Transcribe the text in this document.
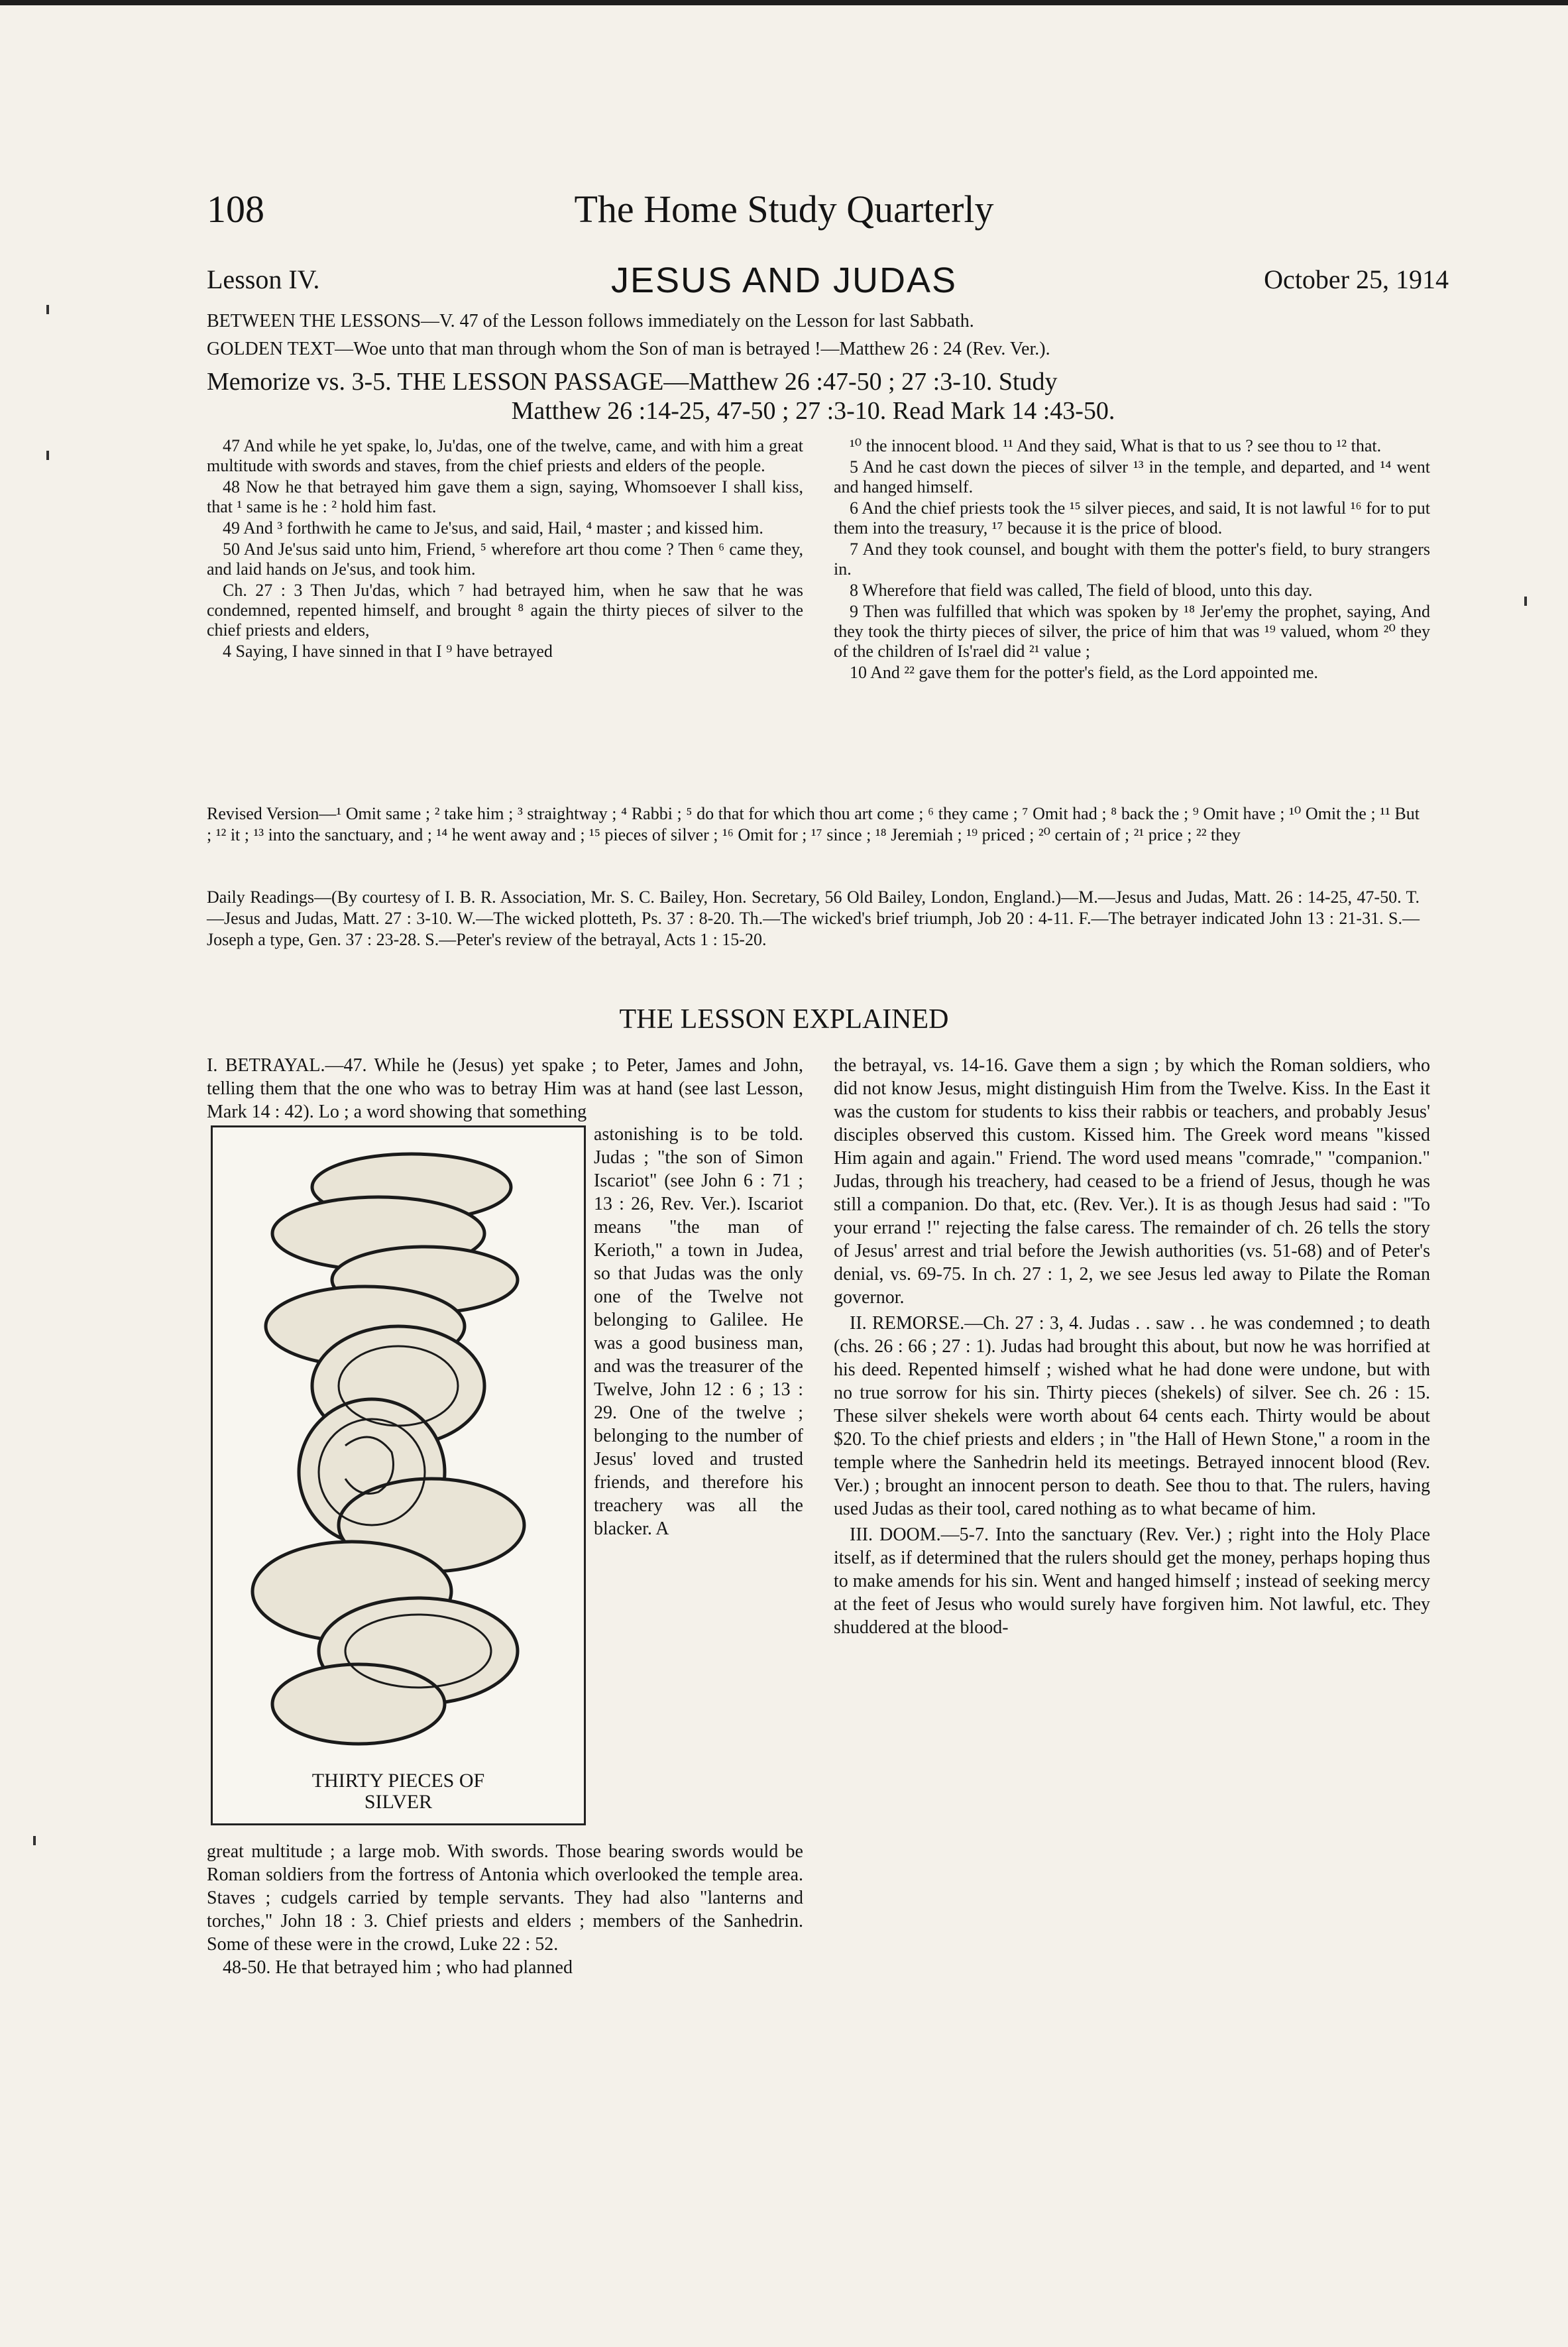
108	The Home Study Quarterly
Lesson IV.	JESUS AND JUDAS	October 25, 1914
BETWEEN THE LESSONS—V. 47 of the Lesson follows immediately on the Lesson for last Sabbath.
GOLDEN TEXT—Woe unto that man through whom the Son of man is betrayed !—Matthew 26 : 24 (Rev. Ver.).
Memorize vs. 3-5. THE LESSON PASSAGE—Matthew 26 :47-50 ; 27 :3-10. Study
Matthew 26 :14-25, 47-50 ; 27 :3-10. Read Mark 14 :43-50.

47 And while he yet spake, lo, Ju'das, one of the twelve, came, and with him a great multitude with swords and staves, from the chief priests and elders of the people.

48 Now he that betrayed him gave them a sign, saying, Whomsoever I shall kiss, that ¹ same is he : ² hold him fast.

49 And ³ forthwith he came to Je'sus, and said, Hail, ⁴ master ; and kissed him.

50 And Je'sus said unto him, Friend, ⁵ wherefore art thou come ? Then ⁶ came they, and laid hands on Je'sus, and took him.

Ch. 27 : 3 Then Ju'das, which ⁷ had betrayed him, when he saw that he was condemned, repented himself, and brought ⁸ again the thirty pieces of silver to the chief priests and elders,

4 Saying, I have sinned in that I ⁹ have betrayed

¹⁰ the innocent blood. ¹¹ And they said, What is that to us ? see thou to ¹² that.

5 And he cast down the pieces of silver ¹³ in the temple, and departed, and ¹⁴ went and hanged himself.

6 And the chief priests took the ¹⁵ silver pieces, and said, It is not lawful ¹⁶ for to put them into the treasury, ¹⁷ because it is the price of blood.

7 And they took counsel, and bought with them the potter's field, to bury strangers in.

8 Wherefore that field was called, The field of blood, unto this day.

9 Then was fulfilled that which was spoken by ¹⁸ Jer'emy the prophet, saying, And they took the thirty pieces of silver, the price of him that was ¹⁹ valued, whom ²⁰ they of the children of Is'rael did ²¹ value ;

10 And ²² gave them for the potter's field, as the Lord appointed me.

Revised Version—¹ Omit same ; ² take him ; ³ straightway ; ⁴ Rabbi ; ⁵ do that for which thou art come ; ⁶ they came ; ⁷ Omit had ; ⁸ back the ; ⁹ Omit have ; ¹⁰ Omit the ; ¹¹ But ; ¹² it ; ¹³ into the sanctuary, and ; ¹⁴ he went away and ; ¹⁵ pieces of silver ; ¹⁶ Omit for ; ¹⁷ since ; ¹⁸ Jeremiah ; ¹⁹ priced ; ²⁰ certain of ; ²¹ price ; ²² they
Daily Readings—(By courtesy of I. B. R. Association, Mr. S. C. Bailey, Hon. Secretary, 56 Old Bailey, London, England.)—M.—Jesus and Judas, Matt. 26 : 14-25, 47-50. T.—Jesus and Judas, Matt. 27 : 3-10. W.—The wicked plotteth, Ps. 37 : 8-20. Th.—The wicked's brief triumph, Job 20 : 4-11. F.—The betrayer indicated John 13 : 21-31. S.—Joseph a type, Gen. 37 : 23-28. S.—Peter's review of the betrayal, Acts 1 : 15-20.
THE LESSON EXPLAINED

I. BETRAYAL.—47. While he (Jesus) yet spake ; to Peter, James and John, telling them that the one who was to betray Him was at hand (see last Lesson, Mark 14 : 42). Lo ; a word showing that something

THIRTY PIECES OF
SILVER

astonishing is to be told. Judas ; "the son of Simon Iscariot" (see John 6 : 71 ; 13 : 26, Rev. Ver.). Iscariot means "the man of Kerioth," a town in Judea, so that Judas was the only one of the Twelve not belonging to Galilee. He was a good business man, and was the treasurer of the Twelve, John 12 : 6 ; 13 : 29. One of the twelve ; belonging to the number of Jesus' loved and trusted friends, and therefore his treachery was all the blacker. A

great multitude ; a large mob. With swords. Those bearing swords would be Roman soldiers from the fortress of Antonia which overlooked the temple area. Staves ; cudgels carried by temple servants. They had also "lanterns and torches," John 18 : 3. Chief priests and elders ; members of the Sanhedrin. Some of these were in the crowd, Luke 22 : 52.

48-50. He that betrayed him ; who had planned

the betrayal, vs. 14-16. Gave them a sign ; by which the Roman soldiers, who did not know Jesus, might distinguish Him from the Twelve. Kiss. In the East it was the custom for students to kiss their rabbis or teachers, and probably Jesus' disciples observed this custom. Kissed him. The Greek word means "kissed Him again and again." Friend. The word used means "comrade," "companion." Judas, through his treachery, had ceased to be a friend of Jesus, though he was still a companion. Do that, etc. (Rev. Ver.). It is as though Jesus had said : "To your errand !" rejecting the false caress. The remainder of ch. 26 tells the story of Jesus' arrest and trial before the Jewish authorities (vs. 51-68) and of Peter's denial, vs. 69-75. In ch. 27 : 1, 2, we see Jesus led away to Pilate the Roman governor.

II. REMORSE.—Ch. 27 : 3, 4. Judas . . saw . . he was condemned ; to death (chs. 26 : 66 ; 27 : 1). Judas had brought this about, but now he was horrified at his deed. Repented himself ; wished what he had done were undone, but with no true sorrow for his sin. Thirty pieces (shekels) of silver. See ch. 26 : 15. These silver shekels were worth about 64 cents each. Thirty would be about $20. To the chief priests and elders ; in "the Hall of Hewn Stone," a room in the temple where the Sanhedrin held its meetings. Betrayed innocent blood (Rev. Ver.) ; brought an innocent person to death. See thou to that. The rulers, having used Judas as their tool, cared nothing as to what became of him.

III. DOOM.—5-7. Into the sanctuary (Rev. Ver.) ; right into the Holy Place itself, as if determined that the rulers should get the money, perhaps hoping thus to make amends for his sin. Went and hanged himself ; instead of seeking mercy at the feet of Jesus who would surely have forgiven him. Not lawful, etc. They shuddered at the blood-
